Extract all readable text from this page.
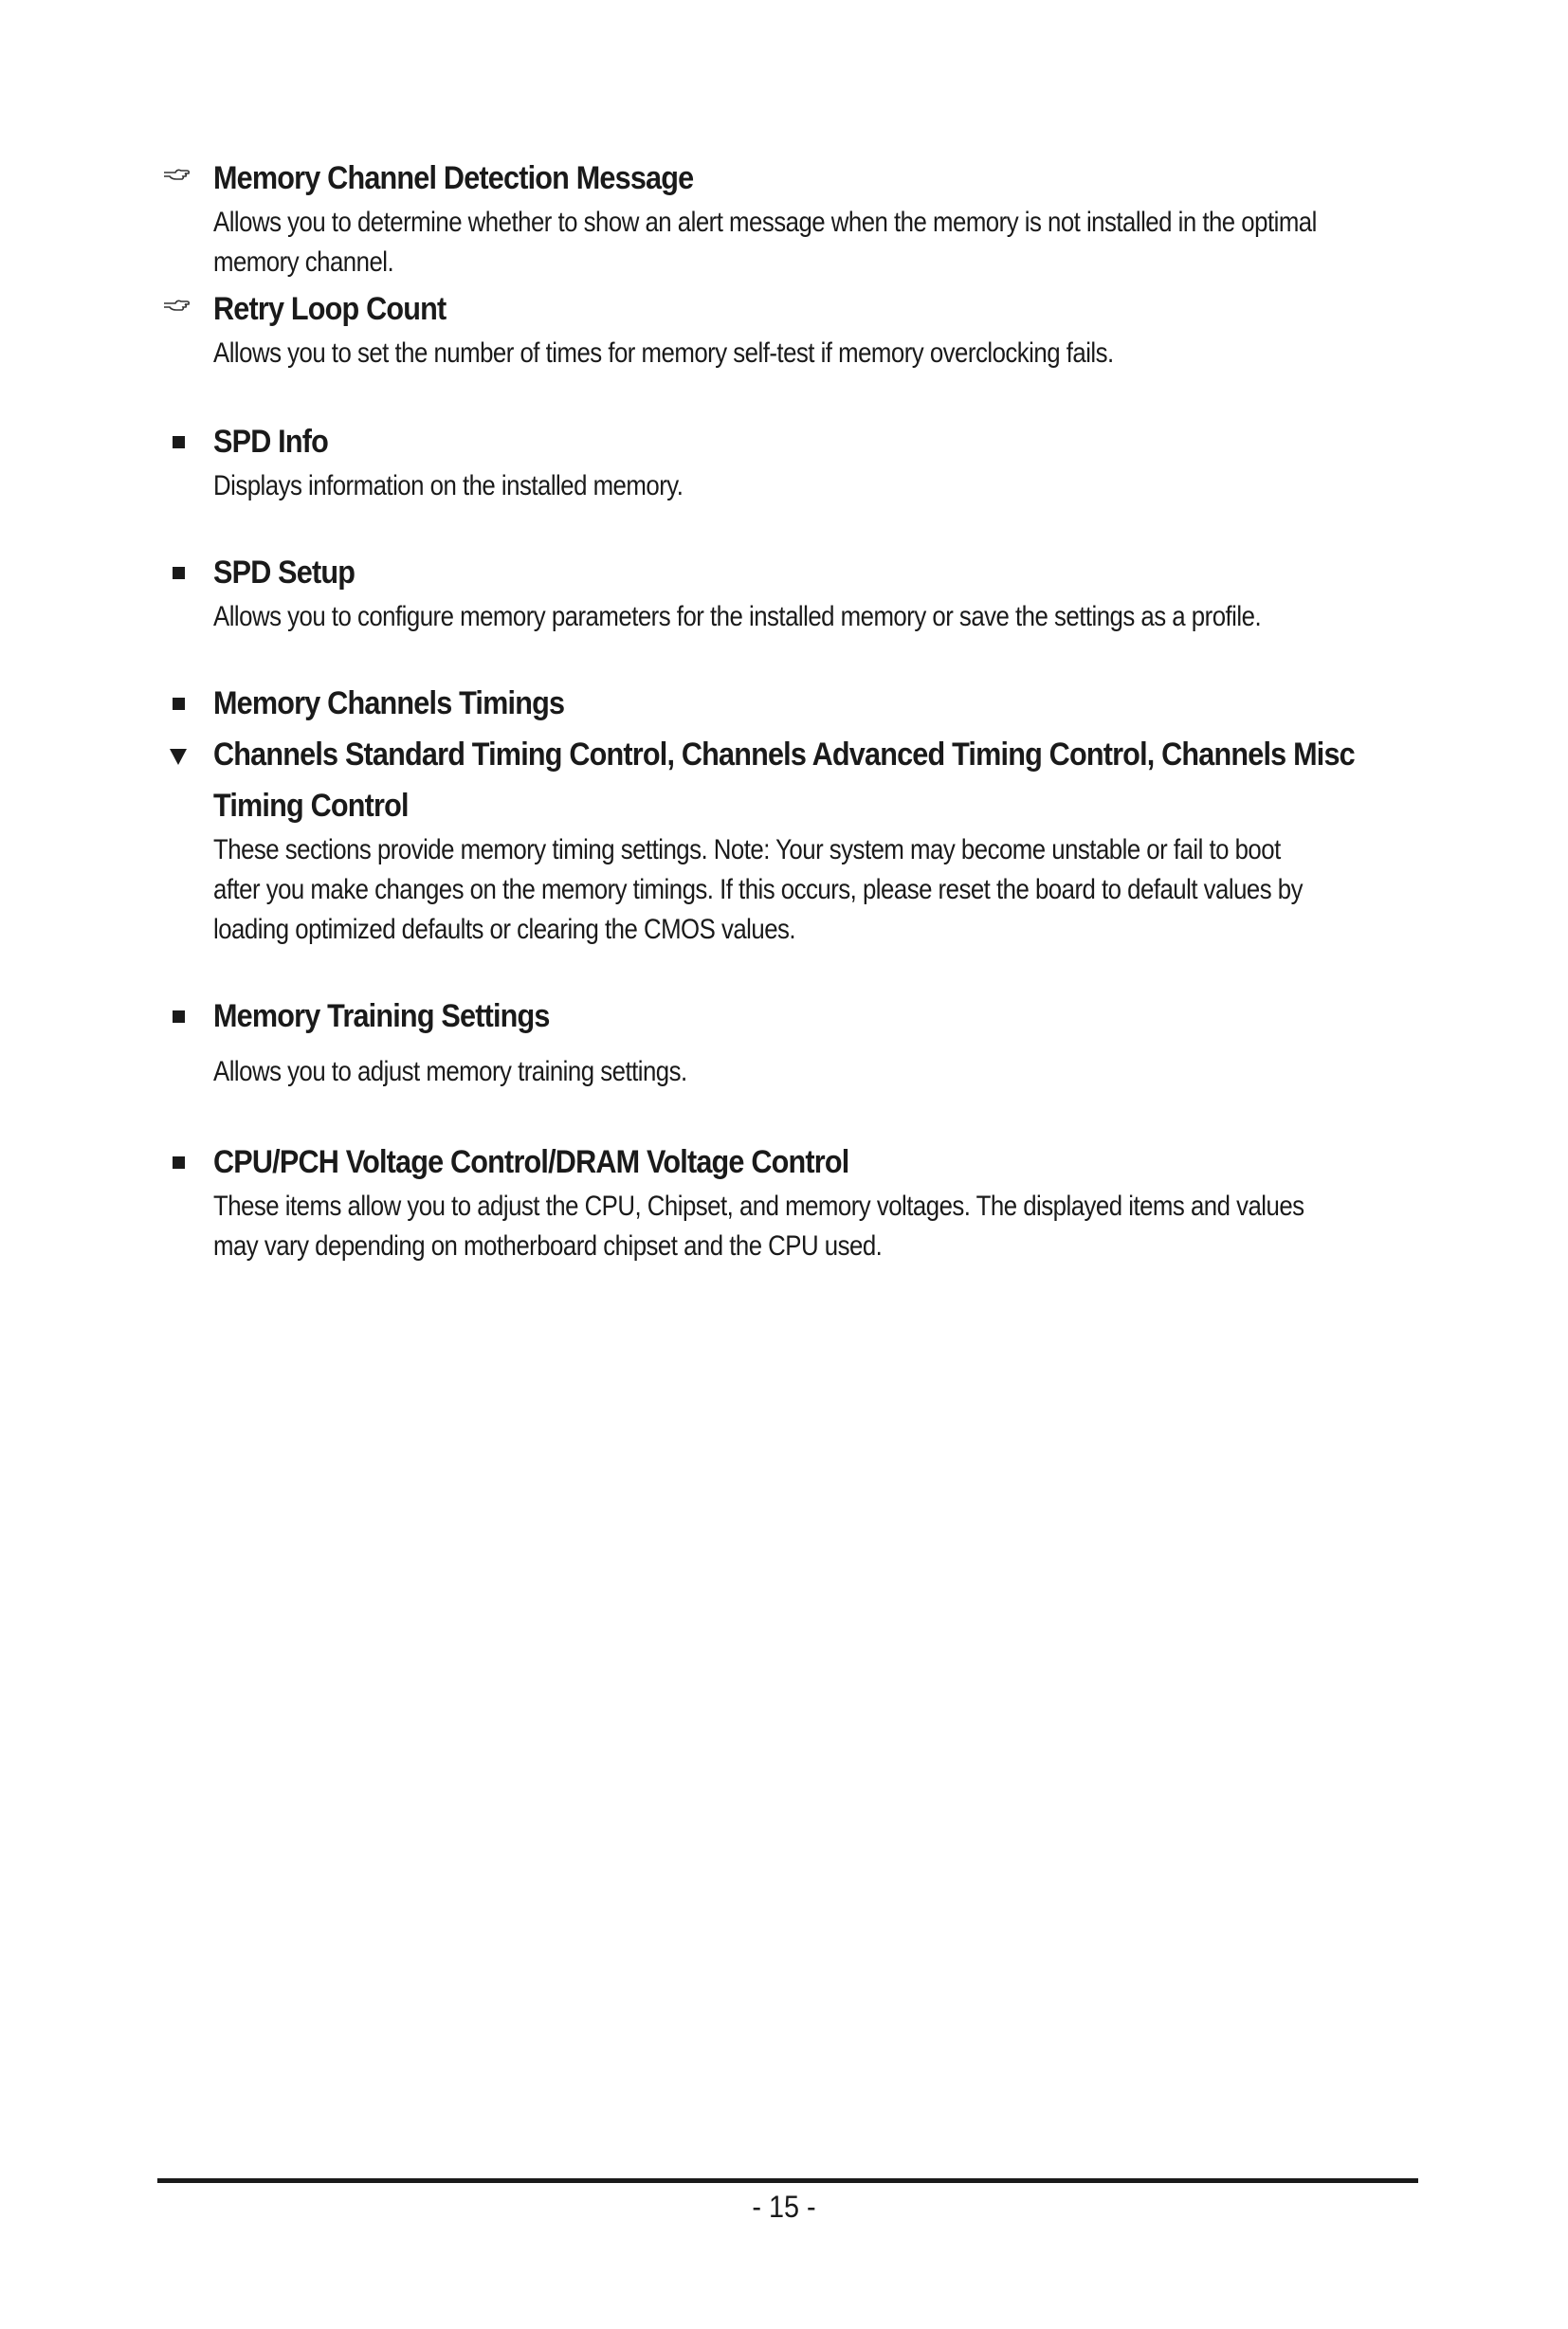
Memory Channel Detection Message
Allows you to determine whether to show an alert message when the memory is not installed in the optimal
memory channel.
Retry Loop Count
Allows you to set the number of times for memory self-test if memory overclocking fails.
SPD Info
Displays information on the installed memory.
SPD Setup
Allows you to configure memory parameters for the installed memory or save the settings as a profile.
Memory Channels Timings
Channels Standard Timing Control, Channels Advanced Timing Control, Channels Misc
Timing Control
These sections provide memory timing settings. Note: Your system may become unstable or fail to boot
after you make changes on the memory timings. If this occurs, please reset the board to default values by
loading optimized defaults or clearing the CMOS values.
Memory Training Settings
Allows you to adjust memory training settings.
CPU/PCH Voltage Control/DRAM Voltage Control
These items allow you to adjust the CPU, Chipset, and memory voltages. The displayed items and values
may vary depending on motherboard chipset and the CPU used.
- 15 -
